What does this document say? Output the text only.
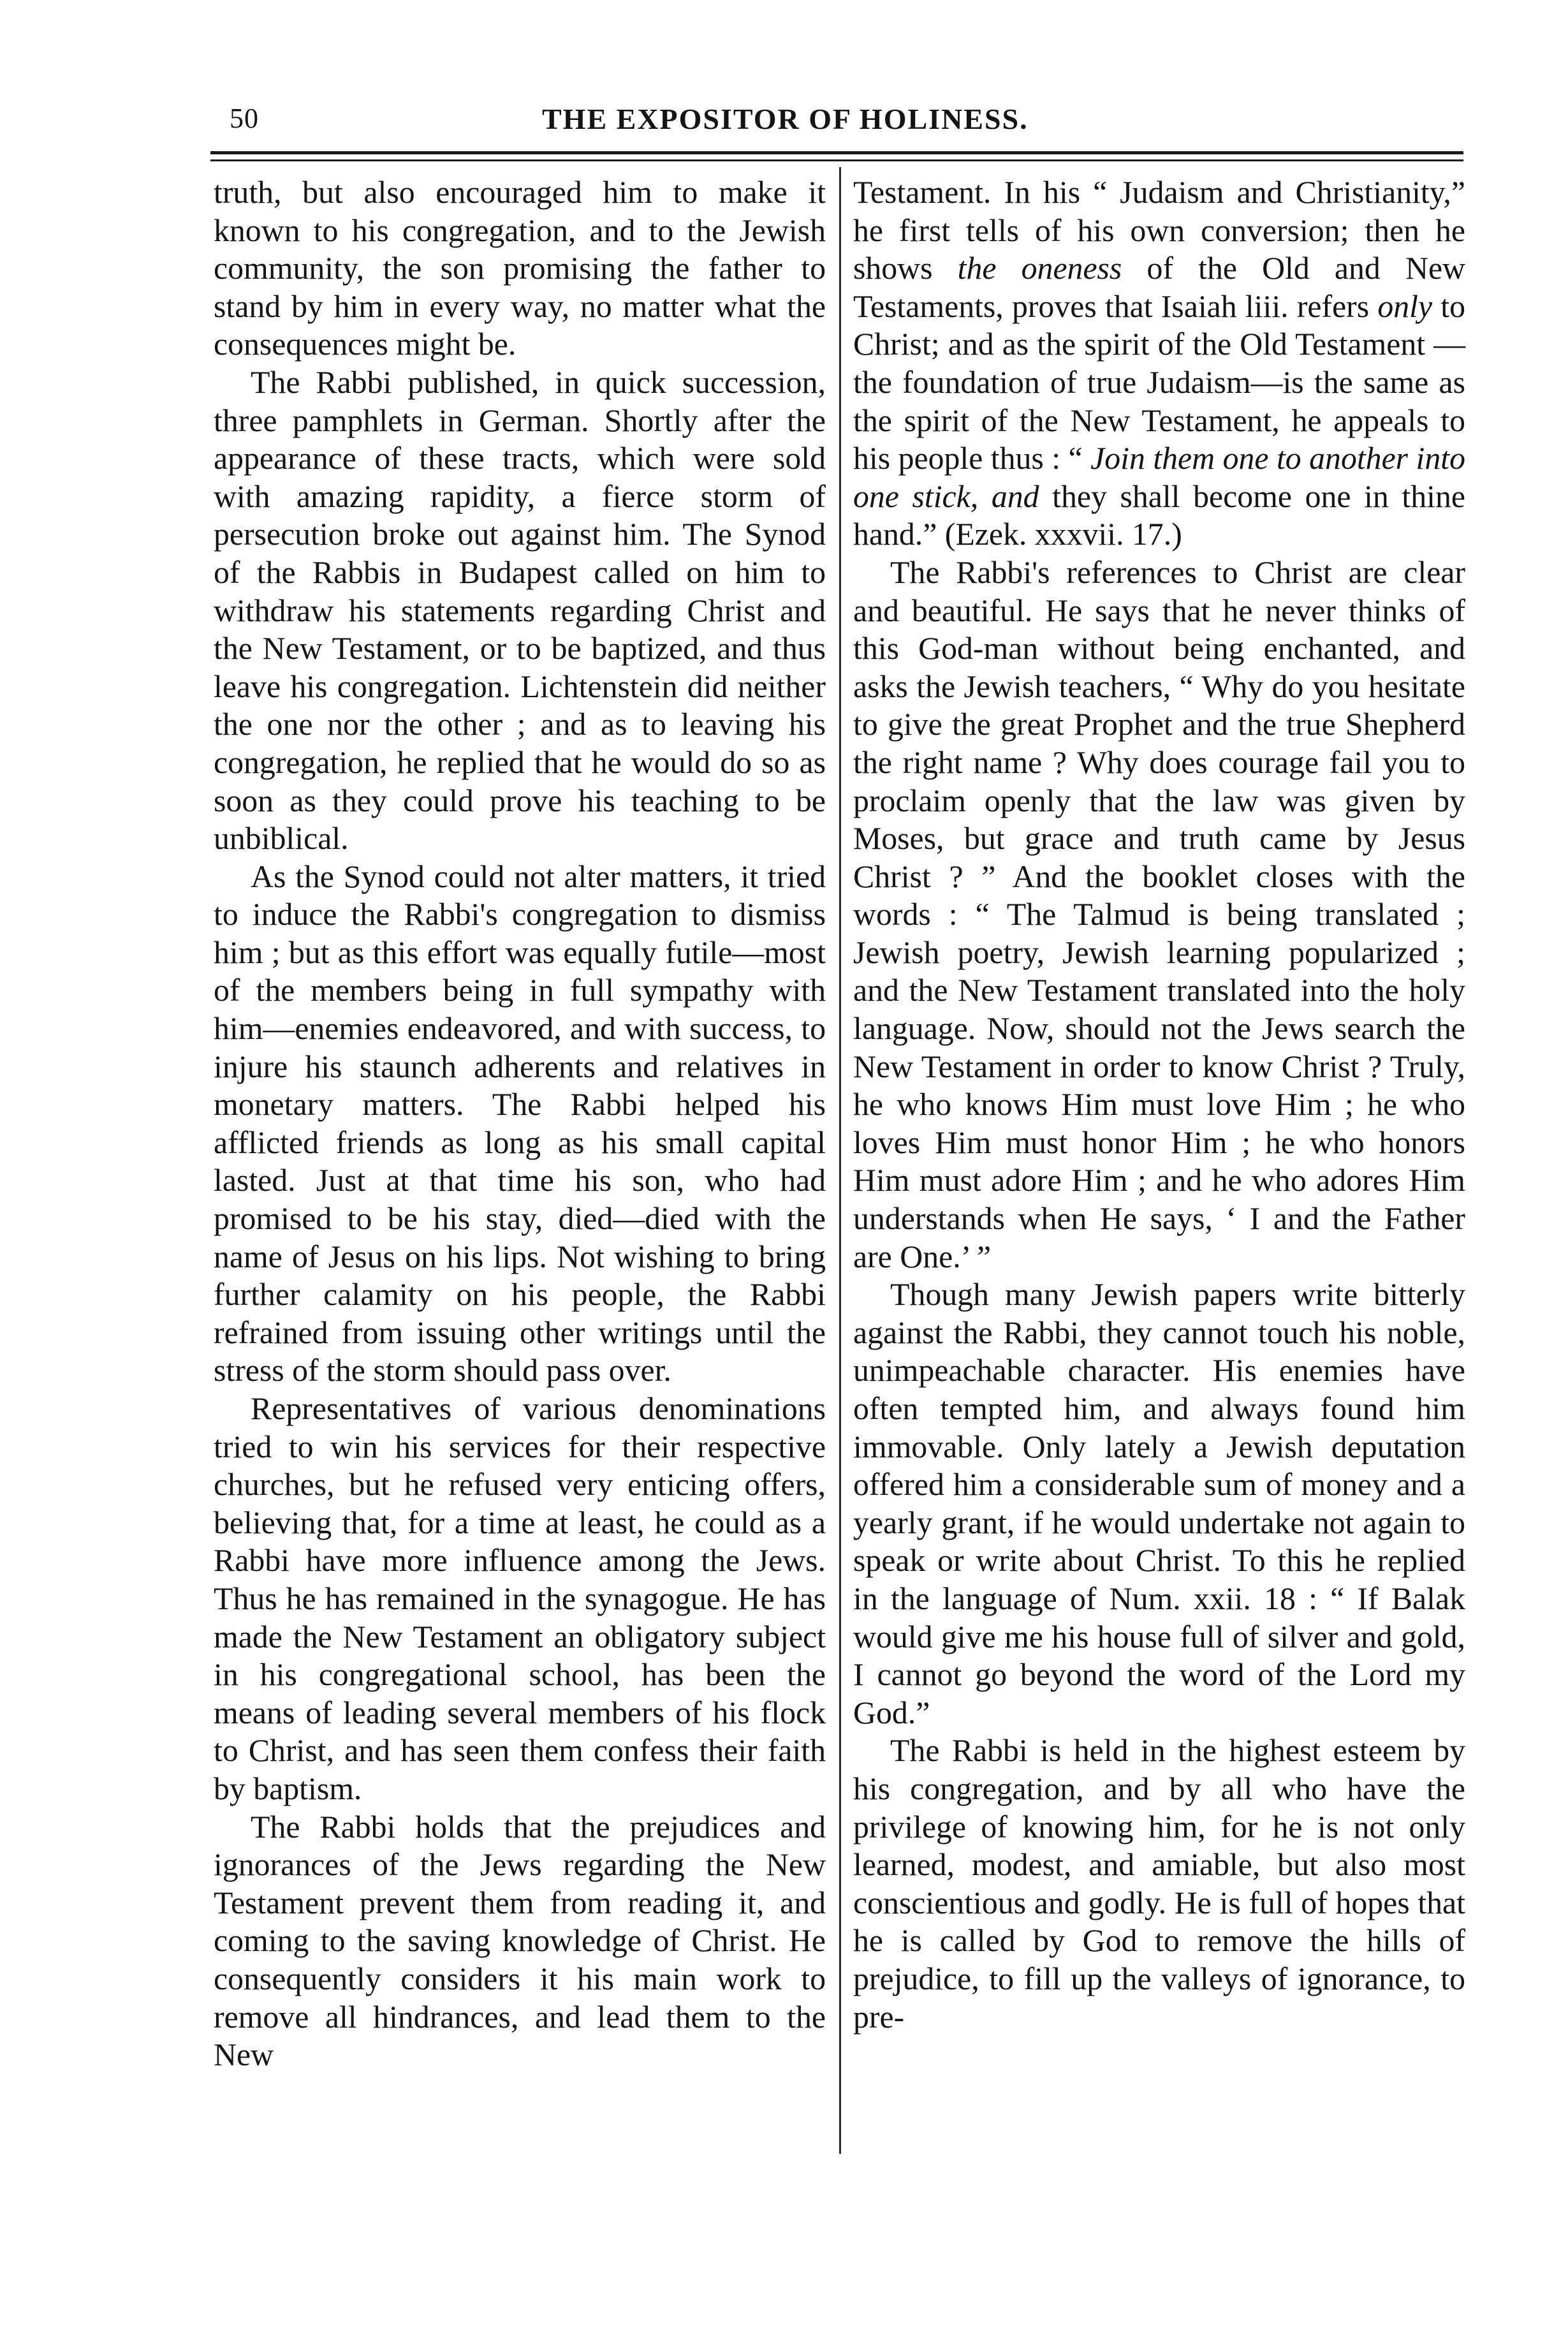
50	THE EXPOSITOR OF HOLINESS.

truth, but also encouraged him to make it known to his congregation, and to the Jewish community, the son promising the father to stand by him in every way, no matter what the consequences might be.

The Rabbi published, in quick succession, three pamphlets in German. Shortly after the appearance of these tracts, which were sold with amazing rapidity, a fierce storm of persecution broke out against him. The Synod of the Rabbis in Budapest called on him to withdraw his statements regarding Christ and the New Testament, or to be baptized, and thus leave his congregation. Lichtenstein did neither the one nor the other ; and as to leaving his congregation, he replied that he would do so as soon as they could prove his teaching to be unbiblical.

As the Synod could not alter matters, it tried to induce the Rabbi's congregation to dismiss him ; but as this effort was equally futile—most of the members being in full sympathy with him—enemies endeavored, and with success, to injure his staunch adherents and relatives in monetary matters. The Rabbi helped his afflicted friends as long as his small capital lasted. Just at that time his son, who had promised to be his stay, died—died with the name of Jesus on his lips. Not wishing to bring further calamity on his people, the Rabbi refrained from issuing other writings until the stress of the storm should pass over.

Representatives of various denominations tried to win his services for their respective churches, but he refused very enticing offers, believing that, for a time at least, he could as a Rabbi have more influence among the Jews. Thus he has remained in the synagogue. He has made the New Testament an obligatory subject in his congregational school, has been the means of leading several members of his flock to Christ, and has seen them confess their faith by baptism.

The Rabbi holds that the prejudices and ignorances of the Jews regarding the New Testament prevent them from reading it, and coming to the saving knowledge of Christ. He consequently considers it his main work to remove all hindrances, and lead them to the New

Testament. In his “ Judaism and Christianity,” he first tells of his own conversion; then he shows the oneness of the Old and New Testaments, proves that Isaiah liii. refers only to Christ; and as the spirit of the Old Testament —the foundation of true Judaism—is the same as the spirit of the New Testament, he appeals to his people thus : “ Join them one to another into one stick, and they shall become one in thine hand.” (Ezek. xxxvii. 17.)

The Rabbi's references to Christ are clear and beautiful. He says that he never thinks of this God-man without being enchanted, and asks the Jewish teachers, “ Why do you hesitate to give the great Prophet and the true Shepherd the right name ? Why does courage fail you to proclaim openly that the law was given by Moses, but grace and truth came by Jesus Christ ? ” And the booklet closes with the words : “ The Talmud is being translated ; Jewish poetry, Jewish learning popularized ; and the New Testament translated into the holy language. Now, should not the Jews search the New Testament in order to know Christ ? Truly, he who knows Him must love Him ; he who loves Him must honor Him ; he who honors Him must adore Him ; and he who adores Him understands when He says, ‘ I and the Father are One.’ ”

Though many Jewish papers write bitterly against the Rabbi, they cannot touch his noble, unimpeachable character. His enemies have often tempted him, and always found him immovable. Only lately a Jewish deputation offered him a considerable sum of money and a yearly grant, if he would undertake not again to speak or write about Christ. To this he replied in the language of Num. xxii. 18 : “ If Balak would give me his house full of silver and gold, I cannot go beyond the word of the Lord my God.”

The Rabbi is held in the highest esteem by his congregation, and by all who have the privilege of knowing him, for he is not only learned, modest, and amiable, but also most conscientious and godly. He is full of hopes that he is called by God to remove the hills of prejudice, to fill up the valleys of ignorance, to pre-
